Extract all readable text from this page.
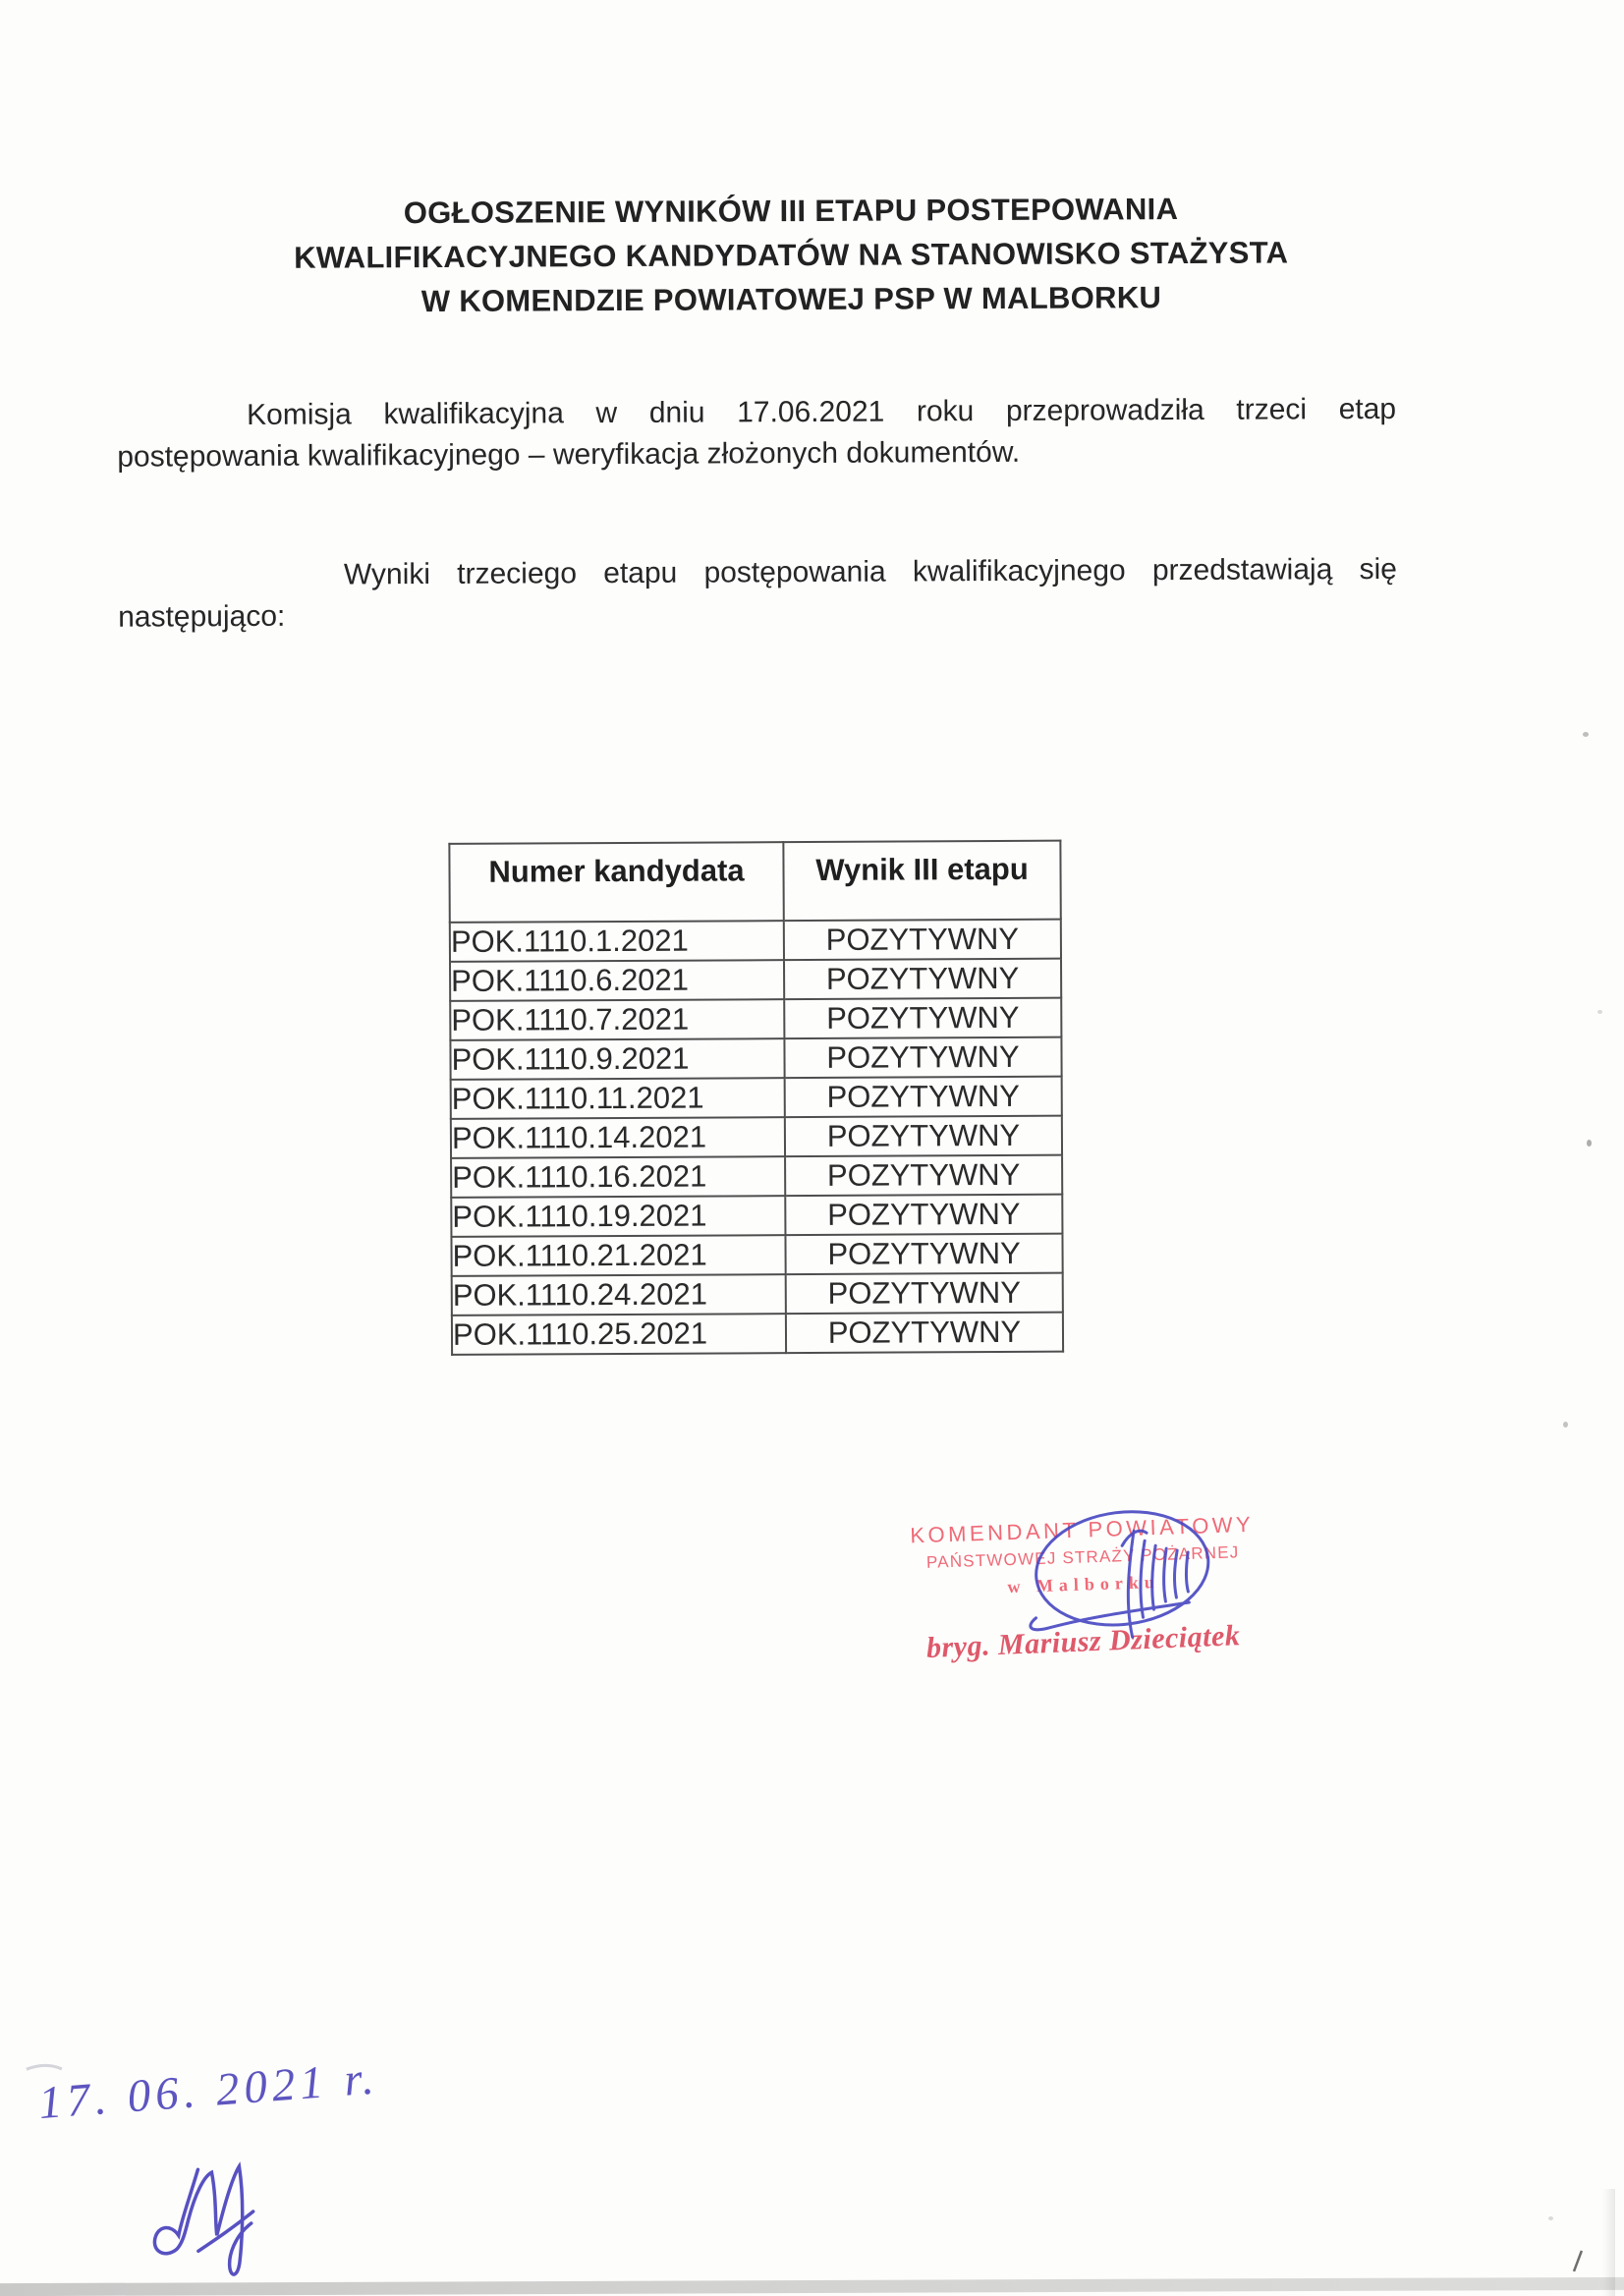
OGŁOSZENIE WYNIKÓW III ETAPU POSTEPOWANIA
KWALIFIKACYJNEGO KANDYDATÓW NA STANOWISKO STAŻYSTA
W KOMENDZIE POWIATOWEJ PSP W MALBORKU
Komisja kwalifikacyjna w dniu 17.06.2021 roku przeprowadziła trzeci etap
postępowania kwalifikacyjnego – weryfikacja złożonych dokumentów.
Wyniki trzeciego etapu postępowania kwalifikacyjnego przedstawiają się
następująco:
Numer kandydata	Wynik III etapu
POK.1110.1.2021	POZYTYWNY
POK.1110.6.2021	POZYTYWNY
POK.1110.7.2021	POZYTYWNY
POK.1110.9.2021	POZYTYWNY
POK.1110.11.2021	POZYTYWNY
POK.1110.14.2021	POZYTYWNY
POK.1110.16.2021	POZYTYWNY
POK.1110.19.2021	POZYTYWNY
POK.1110.21.2021	POZYTYWNY
POK.1110.24.2021	POZYTYWNY
POK.1110.25.2021	POZYTYWNY
KOMENDANT POWIATOWY
PAŃSTWOWEJ STRAŻY POŻARNEJ
w Malborku
bryg. Mariusz Dzieciątek
17. 06. 2021 r.
